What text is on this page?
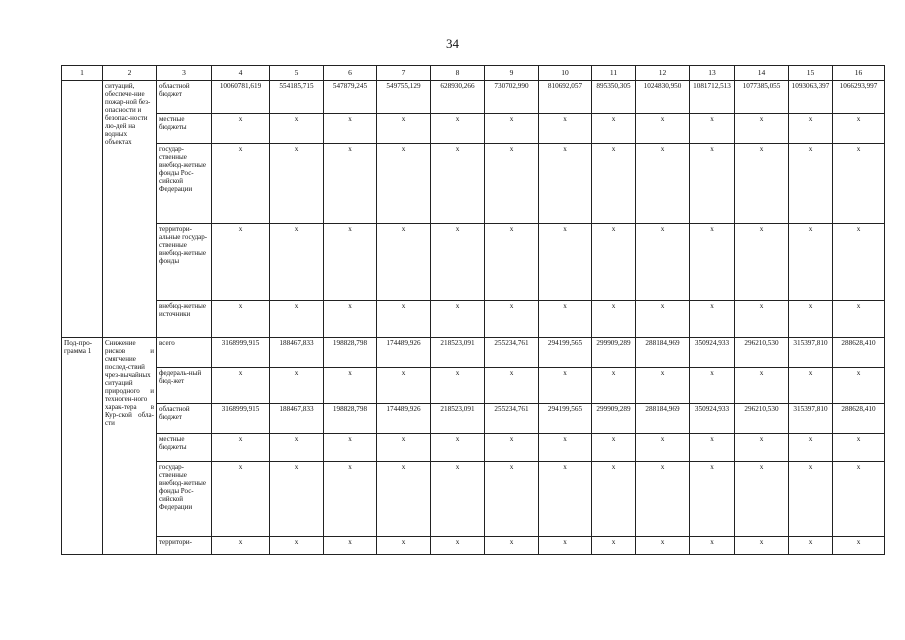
34
1	2	3	4	5	6	7	8	9	10	11	12	13	14	15	16
	ситуаций, обеспече-ние пожар-ной без-опасности и безопас-ности лю-дей на водных объектах	областной бюджет	10060781,619	554185,715	547879,245	549755,129	628930,266	730702,990	810692,057	895350,305	1024830,950	1081712,513	1077385,055	1093063,397	1066293,997
		местные бюджеты	x	x	x	x	x	x	x	x	x	x	x	x	x
		государ-ственные внебюд-жетные фонды Рос-сийской Федерации	x	x	x	x	x	x	x	x	x	x	x	x	x
		территори-альные государ-ственные внебюд-жетные фонды	x	x	x	x	x	x	x	x	x	x	x	x	x
		внебюд-жетные источники	x	x	x	x	x	x	x	x	x	x	x	x	x
Под-про-грамма 1	Снижение рисков и смягчение послед-ствий чрез-вычайных ситуаций природного и техноген-ного харак-тера в Кур-ской обла-сти	всего	3168999,915	188467,833	198828,798	174489,926	218523,091	255234,761	294199,565	299909,289	288184,969	350924,933	296210,530	315397,810	288628,410
		федераль-ный бюд-жет	x	x	x	x	x	x	x	x	x	x	x	x	x
		областной бюджет	3168999,915	188467,833	198828,798	174489,926	218523,091	255234,761	294199,565	299909,289	288184,969	350924,933	296210,530	315397,810	288628,410
		местные бюджеты	x	x	x	x	x	x	x	x	x	x	x	x	x
		государ-ственные внебюд-жетные фонды Рос-сийской Федерации	x	x	x	x	x	x	x	x	x	x	x	x	x
		территори-	x	x	x	x	x	x	x	x	x	x	x	x	x
